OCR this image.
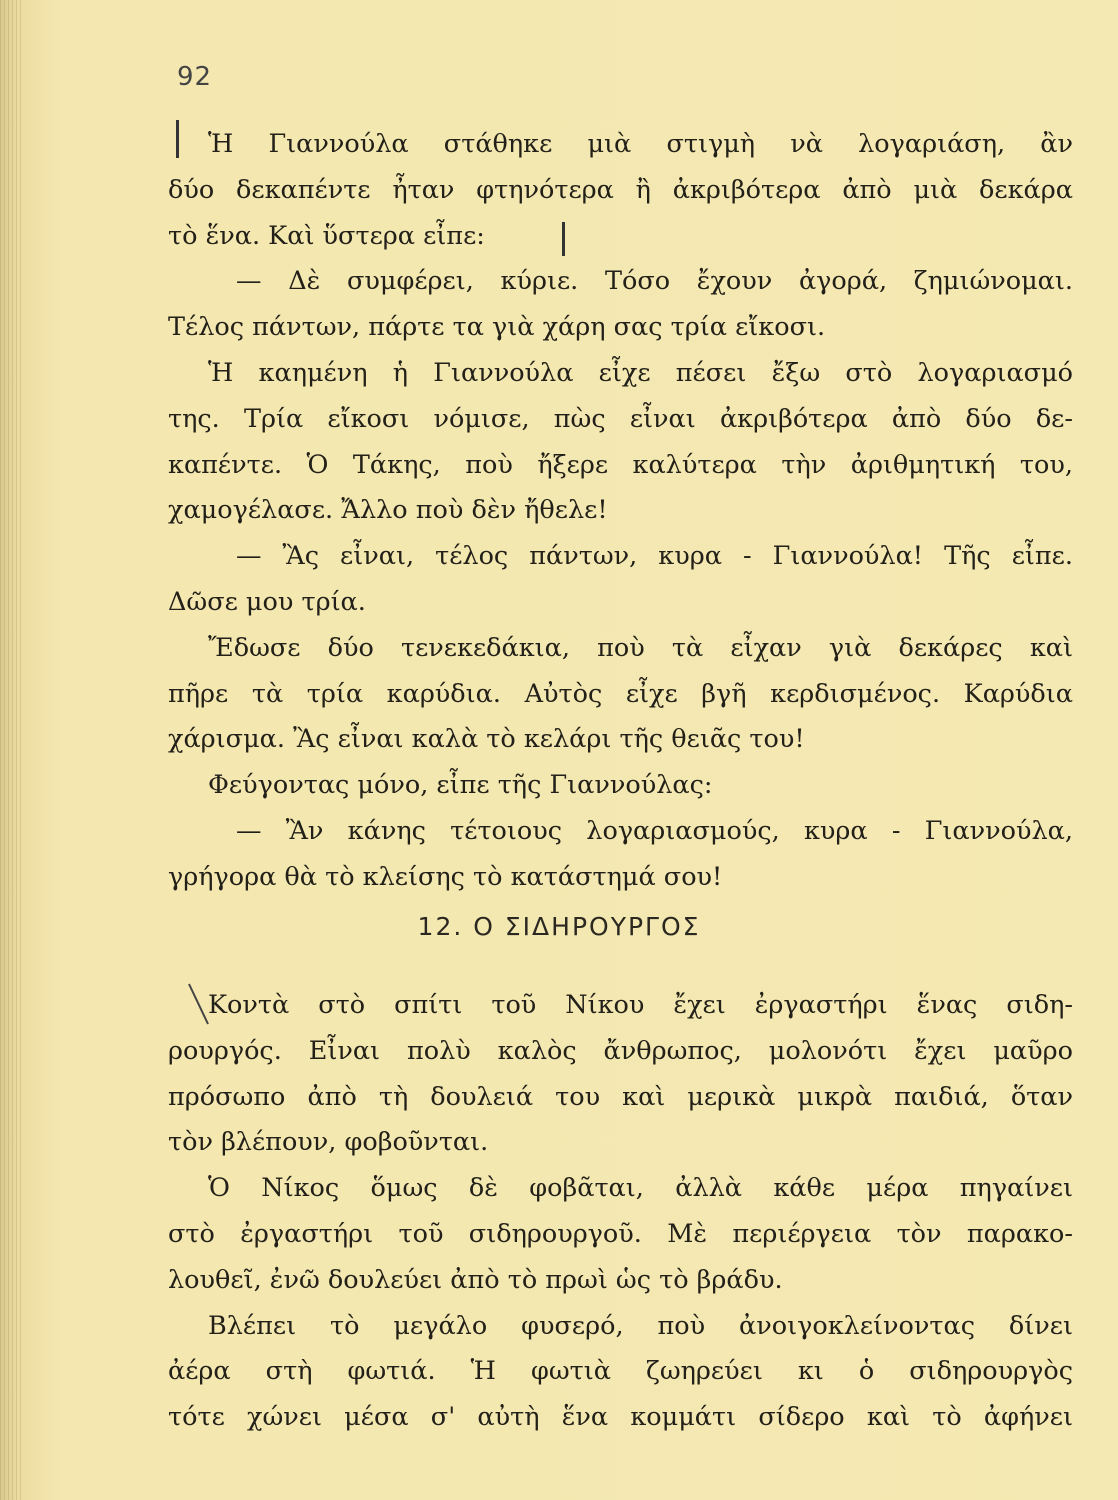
92
Ἡ Γιαννούλα στάθηκε μιὰ στιγμὴ νὰ λογαριάση, ἂν
δύο δεκαπέντε ἦταν φτηνότερα ἢ ἀκριβότερα ἀπὸ μιὰ δεκάρα
τὸ ἕνα. Καὶ ὕστερα εἶπε:
— Δὲ συμφέρει, κύριε. Τόσο ἔχουν ἀγορά, ζημιώνομαι.
Τέλος πάντων, πάρτε τα γιὰ χάρη σας τρία εἴκοσι.
Ἡ καημένη ἡ Γιαννούλα εἶχε πέσει ἔξω στὸ λογαριασμό
της. Τρία εἴκοσι νόμισε, πὼς εἶναι ἀκριβότερα ἀπὸ δύο δε-
καπέντε. Ὁ Τάκης, ποὺ ἤξερε καλύτερα τὴν ἀριθμητική του,
χαμογέλασε. Ἄλλο ποὺ δὲν ἤθελε!
— Ἂς εἶναι, τέλος πάντων, κυρα - Γιαννούλα! Τῆς εἶπε.
Δῶσε μου τρία.
Ἔδωσε δύο τενεκεδάκια, ποὺ τὰ εἶχαν γιὰ δεκάρες καὶ
πῆρε τὰ τρία καρύδια. Αὐτὸς εἶχε βγῆ κερδισμένος. Καρύδια
χάρισμα. Ἂς εἶναι καλὰ τὸ κελάρι τῆς θειᾶς του!
Φεύγοντας μόνο, εἶπε τῆς Γιαννούλας:
— Ἂν κάνης τέτοιους λογαριασμούς, κυρα - Γιαννούλα,
γρήγορα θὰ τὸ κλείσης τὸ κατάστημά σου!
12. Ο ΣΙΔΗΡΟΥΡΓΟΣ
Κοντὰ στὸ σπίτι τοῦ Νίκου ἔχει ἐργαστήρι ἕνας σιδη-
ρουργός. Εἶναι πολὺ καλὸς ἄνθρωπος, μολονότι ἔχει μαῦρο
πρόσωπο ἀπὸ τὴ δουλειά του καὶ μερικὰ μικρὰ παιδιά, ὅταν
τὸν βλέπουν, φοβοῦνται.
Ὁ Νίκος ὅμως δὲ φοβᾶται, ἀλλὰ κάθε μέρα πηγαίνει
στὸ ἐργαστήρι τοῦ σιδηρουργοῦ. Μὲ περιέργεια τὸν παρακο-
λουθεῖ, ἐνῶ δουλεύει ἀπὸ τὸ πρωὶ ὡς τὸ βράδυ.
Βλέπει τὸ μεγάλο φυσερό, ποὺ ἀνοιγοκλείνοντας δίνει
ἀέρα στὴ φωτιά. Ἡ φωτιὰ ζωηρεύει κι ὁ σιδηρουργὸς
τότε χώνει μέσα σ' αὐτὴ ἕνα κομμάτι σίδερο καὶ τὸ ἀφήνει
